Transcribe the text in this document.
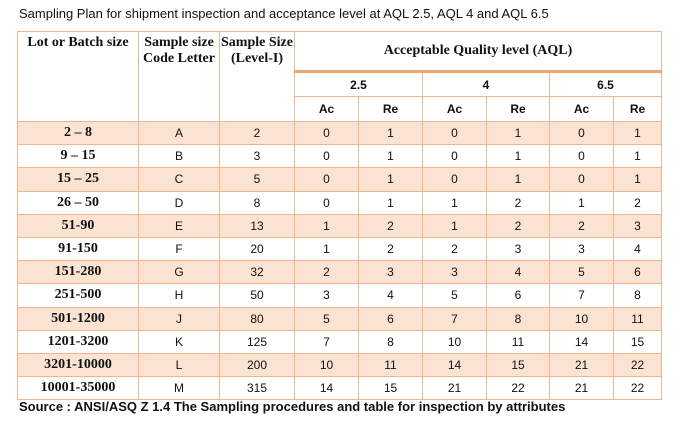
Sampling Plan for shipment inspection and acceptance level at AQL 2.5, AQL 4 and AQL 6.5
Lot or Batch size	Sample size Code Letter	Sample Size (Level-I)	Acceptable Quality level (AQL)					
			2.5		4		6.5	
			Ac	Re	Ac	Re	Ac	Re
2 – 8	A	2	0	1	0	1	0	1
9 – 15	B	3	0	1	0	1	0	1
15 – 25	C	5	0	1	0	1	0	1
26 – 50	D	8	0	1	1	2	1	2
51-90	E	13	1	2	1	2	2	3
91-150	F	20	1	2	2	3	3	4
151-280	G	32	2	3	3	4	5	6
251-500	H	50	3	4	5	6	7	8
501-1200	J	80	5	6	7	8	10	11
1201-3200	K	125	7	8	10	11	14	15
3201-10000	L	200	10	11	14	15	21	22
10001-35000	M	315	14	15	21	22	21	22
Source : ANSI/ASQ Z 1.4 The Sampling procedures and table for inspection by attributes
